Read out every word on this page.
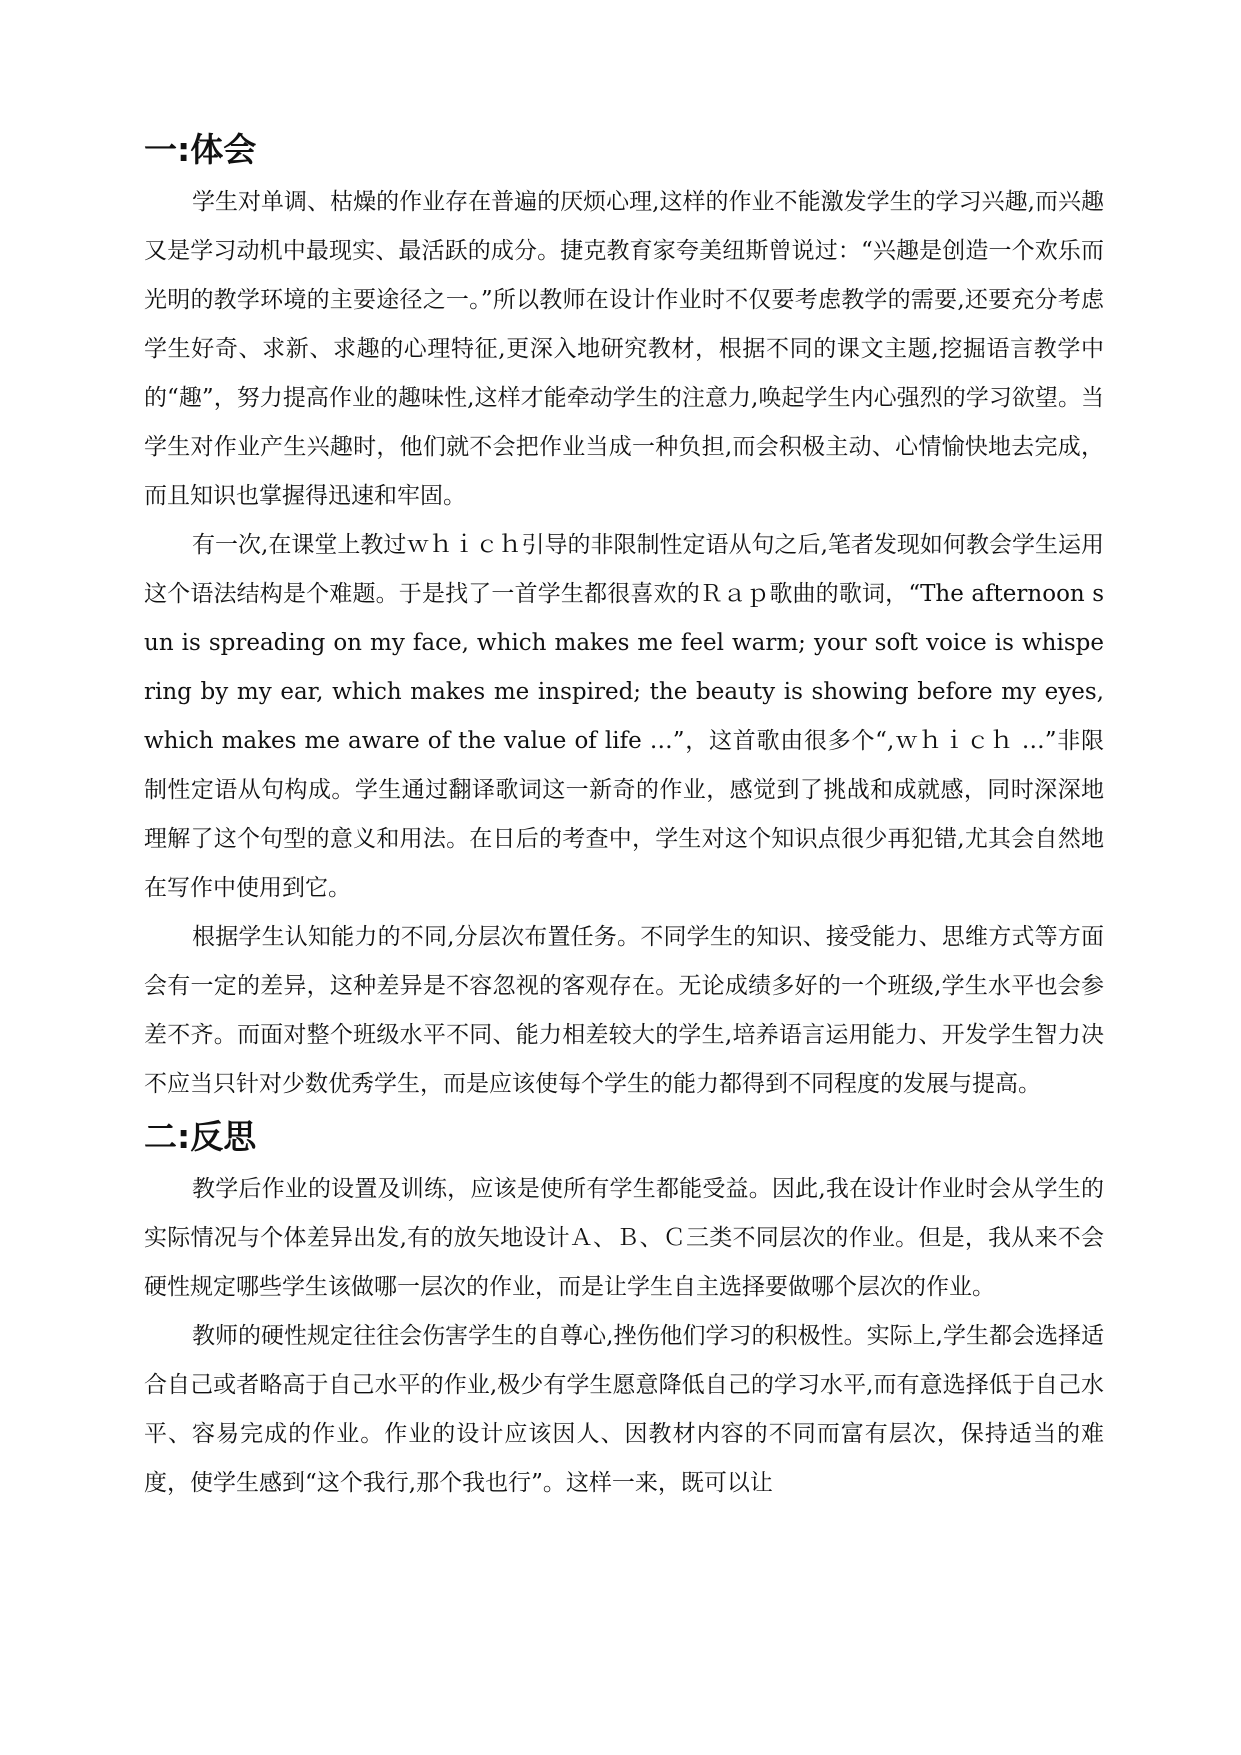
一:体会

学生对单调、枯燥的作业存在普遍的厌烦心理,这样的作业不能激发学生的学习兴趣,而兴趣又是学习动机中最现实、最活跃的成分。捷克教育家夸美纽斯曾说过：“兴趣是创造一个欢乐而光明的教学环境的主要途径之一。”所以教师在设计作业时不仅要考虑教学的需要,还要充分考虑学生好奇、求新、求趣的心理特征,更深入地研究教材，根据不同的课文主题,挖掘语言教学中的“趣”，努力提高作业的趣味性,这样才能牵动学生的注意力,唤起学生内心强烈的学习欲望。当学生对作业产生兴趣时，他们就不会把作业当成一种负担,而会积极主动、心情愉快地去完成，而且知识也掌握得迅速和牢固。

有一次,在课堂上教过ｗｈｉｃｈ引导的非限制性定语从句之后,笔者发现如何教会学生运用这个语法结构是个难题。于是找了一首学生都很喜欢的Ｒａｐ歌曲的歌词，“The afternoon sun is spreading on my face, which makes me feel warm; your soft voice is whispering by my ear, which makes me inspired; the beauty is showing before my eyes, which makes me aware of the value of life …”，这首歌由很多个“,ｗｈｉｃｈ …”非限制性定语从句构成。学生通过翻译歌词这一新奇的作业，感觉到了挑战和成就感，同时深深地理解了这个句型的意义和用法。在日后的考查中，学生对这个知识点很少再犯错,尤其会自然地在写作中使用到它。

根据学生认知能力的不同,分层次布置任务。不同学生的知识、接受能力、思维方式等方面会有一定的差异，这种差异是不容忽视的客观存在。无论成绩多好的一个班级,学生水平也会参差不齐。而面对整个班级水平不同、能力相差较大的学生,培养语言运用能力、开发学生智力决不应当只针对少数优秀学生，而是应该使每个学生的能力都得到不同程度的发展与提高。

二:反思

教学后作业的设置及训练，应该是使所有学生都能受益。因此,我在设计作业时会从学生的实际情况与个体差异出发,有的放矢地设计Ａ、Ｂ、Ｃ三类不同层次的作业。但是，我从来不会硬性规定哪些学生该做哪一层次的作业，而是让学生自主选择要做哪个层次的作业。

教师的硬性规定往往会伤害学生的自尊心,挫伤他们学习的积极性。实际上,学生都会选择适合自己或者略高于自己水平的作业,极少有学生愿意降低自己的学习水平,而有意选择低于自己水平、容易完成的作业。作业的设计应该因人、因教材内容的不同而富有层次，保持适当的难度，使学生感到“这个我行,那个我也行”。这样一来，既可以让
